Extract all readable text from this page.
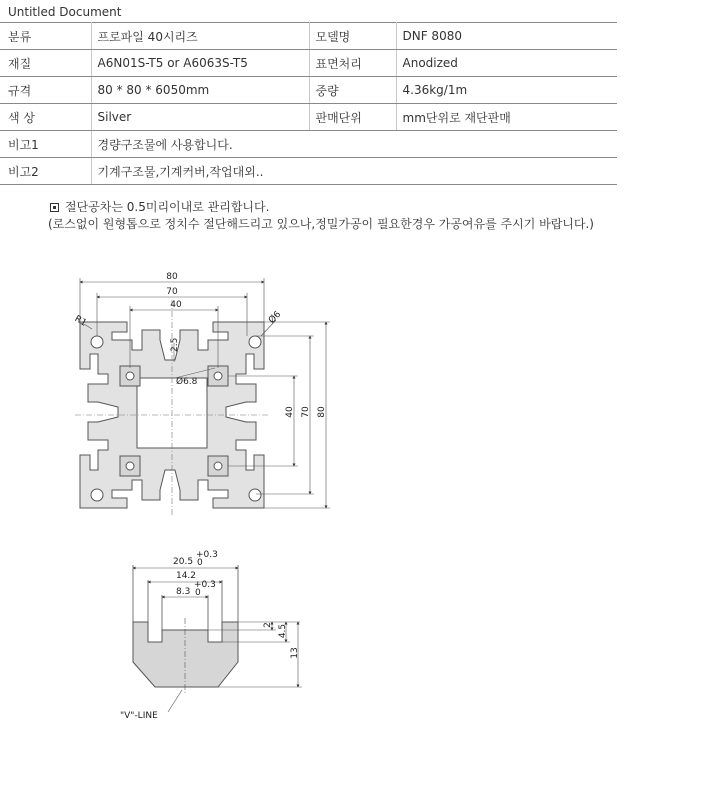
Untitled Document
분류	프로파일 40시리즈	모델명	DNF 8080
재질	A6N01S-T5 or A6063S-T5	표면처리	Anodized
규격	80 * 80 * 6050mm	중량	4.36kg/1m
색 상	Silver	판매단위	mm단위로 재단판매
비고1	경량구조물에 사용합니다.		
비고2	기계구조물,기계커버,작업대외..		
절단공차는 0.5미리이내로 관리합니다.
(로스없이 원형톱으로 정치수 절단해드리고 있으나,정밀가공이 필요한경우 가공여유를 주시기 바랍니다.)
80
70
40
R1	Ø6
Ø6.8
2.5
40 70 80
20.5
+0.3
0
14.2
8.3
+0.3
0
2 4.5
13
"V"-LINE
